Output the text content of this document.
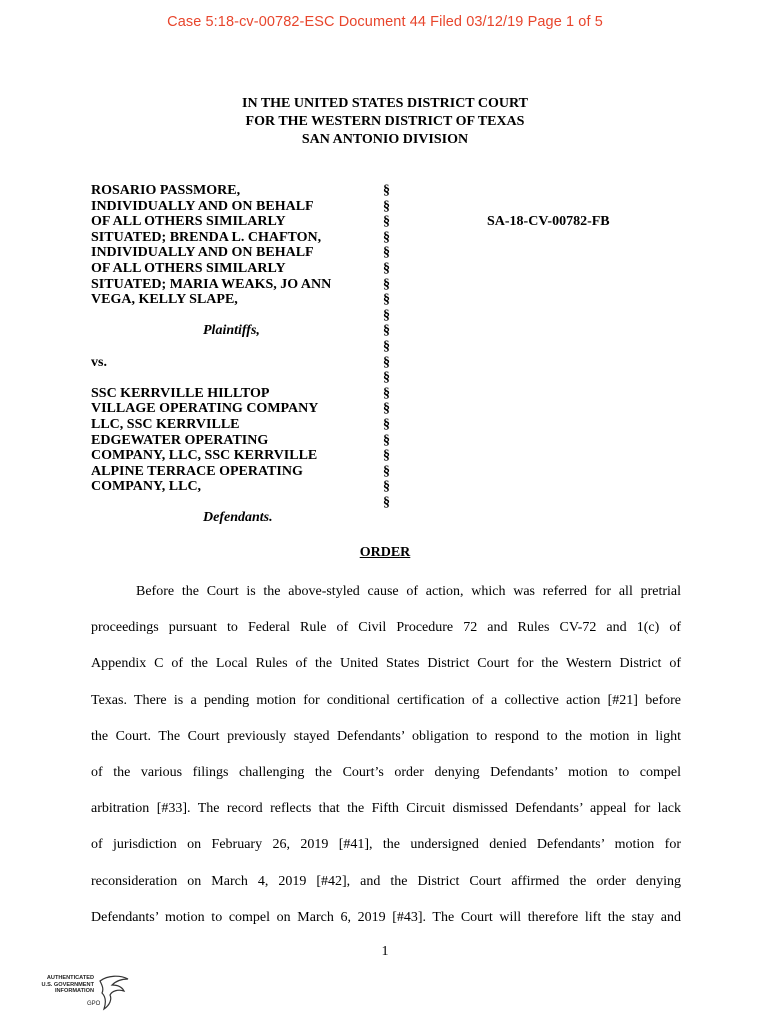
Case 5:18-cv-00782-ESC Document 44 Filed 03/12/19 Page 1 of 5
IN THE UNITED STATES DISTRICT COURT
FOR THE WESTERN DISTRICT OF TEXAS
SAN ANTONIO DIVISION
ROSARIO PASSMORE,
INDIVIDUALLY AND ON BEHALF
OF ALL OTHERS SIMILARLY
SITUATED; BRENDA L. CHAFTON,
INDIVIDUALLY AND ON BEHALF
OF ALL OTHERS SIMILARLY
SITUATED; MARIA WEAKS, JO ANN
VEGA, KELLY SLAPE,
Plaintiffs,
vs.
SSC KERRVILLE HILLTOP
VILLAGE OPERATING COMPANY
LLC, SSC KERRVILLE
EDGEWATER OPERATING
COMPANY, LLC, SSC KERRVILLE
ALPINE TERRACE OPERATING
COMPANY, LLC,
Defendants.
§
§
§
§
§
§
§
§
§
§
§
§
§
§
§
§
§
§
§
§
§
SA-18-CV-00782-FB
ORDER
Before the Court is the above-styled cause of action, which was referred for all pretrial
proceedings pursuant to Federal Rule of Civil Procedure 72 and Rules CV-72 and 1(c) of
Appendix C of the Local Rules of the United States District Court for the Western District of
Texas. There is a pending motion for conditional certification of a collective action [#21] before
the Court. The Court previously stayed Defendants’ obligation to respond to the motion in light
of the various filings challenging the Court’s order denying Defendants’ motion to compel
arbitration [#33]. The record reflects that the Fifth Circuit dismissed Defendants’ appeal for lack
of jurisdiction on February 26, 2019 [#41], the undersigned denied Defendants’ motion for
reconsideration on March 4, 2019 [#42], and the District Court affirmed the order denying
Defendants’ motion to compel on March 6, 2019 [#43]. The Court will therefore lift the stay and
1
AUTHENTICATED
U.S. GOVERNMENT
INFORMATION
GPO
